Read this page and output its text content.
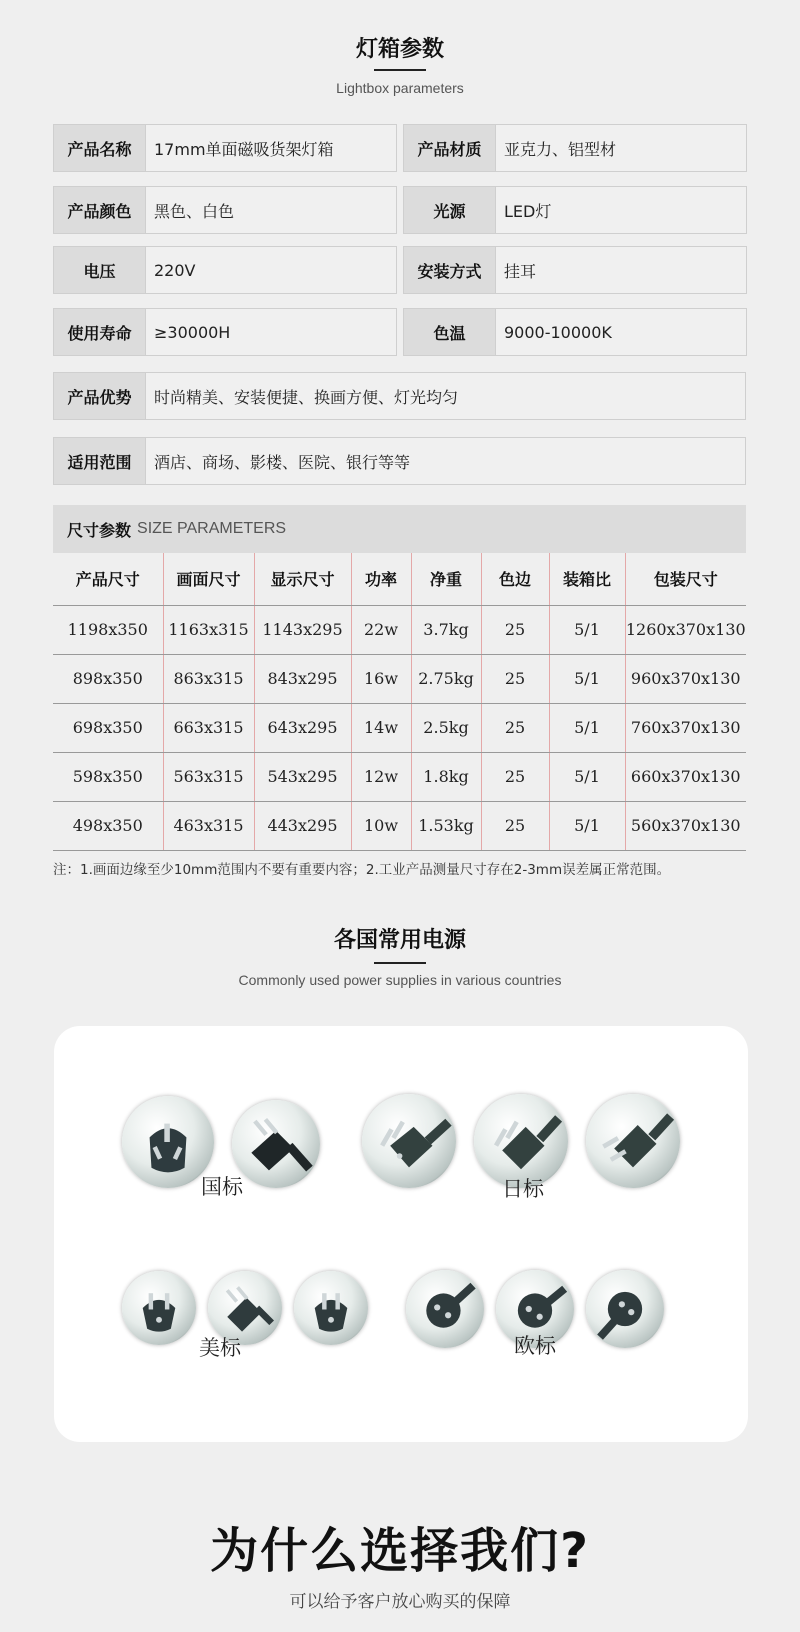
灯箱参数
Lightbox parameters
产品名称	17mm单面磁吸货架灯箱	产品材质	亚克力、铝型材
产品颜色	黑色、白色	光源	LED灯
电压	220V	安装方式	挂耳
使用寿命	≥30000H	色温	9000-10000K
产品优势	时尚精美、安装便捷、换画方便、灯光均匀
适用范围	酒店、商场、影楼、医院、银行等等
尺寸参数 SIZE PARAMETERS
产品尺寸	画面尺寸	显示尺寸	功率	净重	色边	装箱比	包装尺寸
1198x350	1163x315	1143x295	22w	3.7kg	25	5/1	1260x370x130
898x350	863x315	843x295	16w	2.75kg	25	5/1	960x370x130
698x350	663x315	643x295	14w	2.5kg	25	5/1	760x370x130
598x350	563x315	543x295	12w	1.8kg	25	5/1	660x370x130
498x350	463x315	443x295	10w	1.53kg	25	5/1	560x370x130
注：1.画面边缘至少10mm范围内不要有重要内容；2.工业产品测量尺寸存在2-3mm误差属正常范围。
各国常用电源
Commonly used power supplies in various countries
国标	日标
美标	欧标
为什么选择我们?
可以给予客户放心购买的保障
